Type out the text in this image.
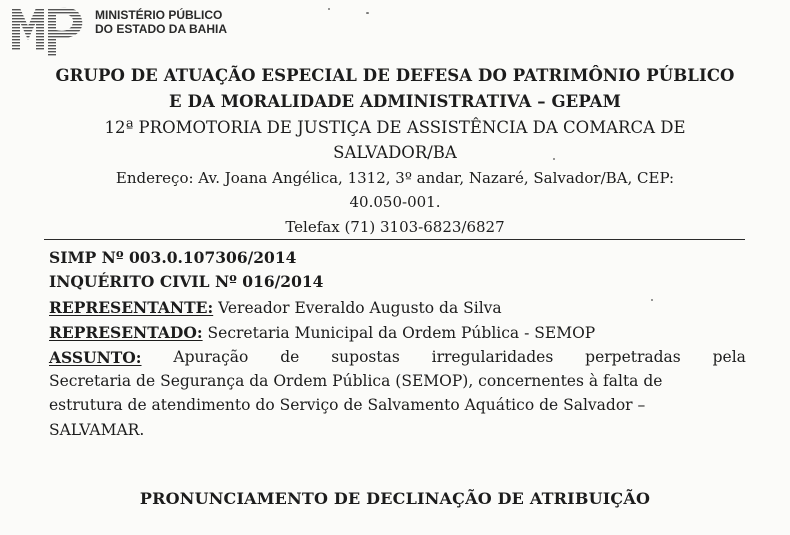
MINISTÉRIO PÚBLICO
DO ESTADO DA BAHIA
GRUPO DE ATUAÇÃO ESPECIAL DE DEFESA DO PATRIMÔNIO PÚBLICO
E DA MORALIDADE ADMINISTRATIVA – GEPAM
12ª PROMOTORIA DE JUSTIÇA DE ASSISTÊNCIA DA COMARCA DE
SALVADOR/BA
Endereço: Av. Joana Angélica, 1312, 3º andar, Nazaré, Salvador/BA, CEP:
40.050-001.
Telefax (71) 3103-6823/6827
SIMP Nº 003.0.107306/2014
INQUÉRITO CIVIL Nº 016/2014
REPRESENTANTE: Vereador Everaldo Augusto da Silva
REPRESENTADO: Secretaria Municipal da Ordem Pública - SEMOP
ASSUNTO: Apuração de supostas irregularidades perpetradas pela
Secretaria de Segurança da Ordem Pública (SEMOP), concernentes à falta de
estrutura de atendimento do Serviço de Salvamento Aquático de Salvador –
SALVAMAR.
PRONUNCIAMENTO DE DECLINAÇÃO DE ATRIBUIÇÃO
